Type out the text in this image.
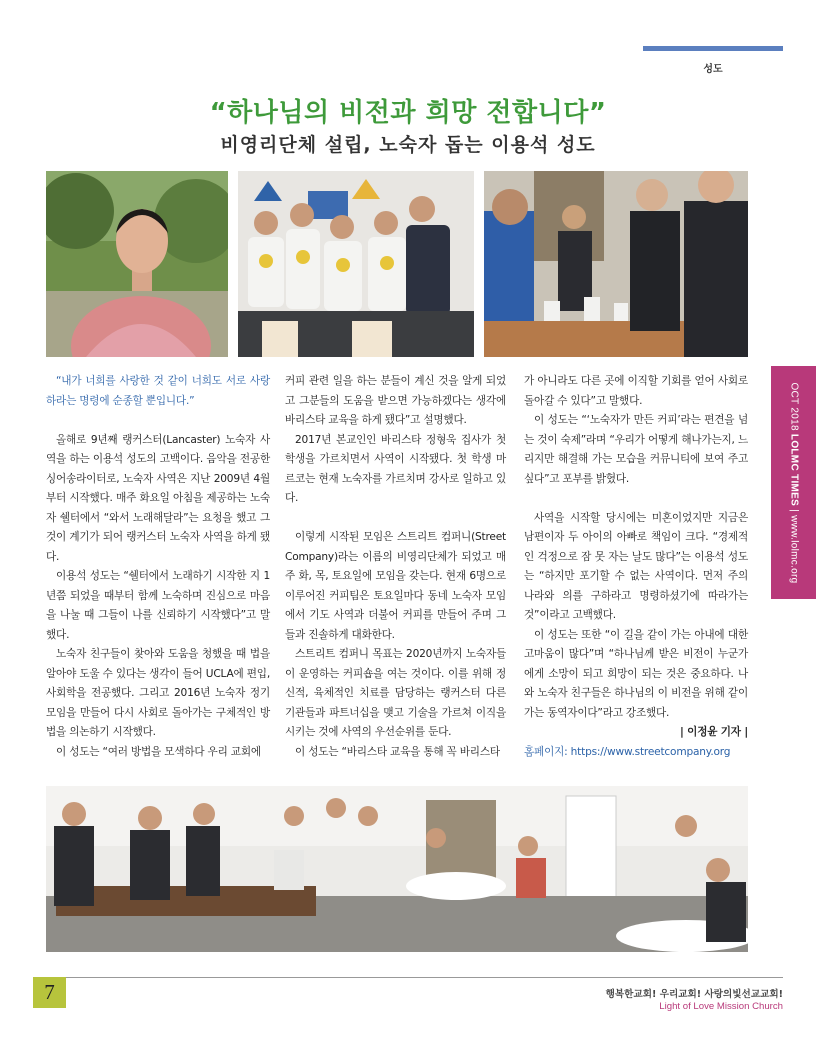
성도
“하나님의 비전과 희망 전합니다”
비영리단체 설립, 노숙자 돕는 이용석 성도

“내가 너희를 사랑한 것 같이 너희도 서로 사랑하라는 명령에 순종할 뿐입니다.”

올해로 9년째 랭커스터(Lancaster) 노숙자 사역을 하는 이용석 성도의 고백이다. 음악을 전공한 싱어송라이터로, 노숙자 사역은 지난 2009년 4월부터 시작했다. 매주 화요일 아침을 제공하는 노숙자 쉘터에서 “와서 노래해달라”는 요청을 했고 그것이 계기가 되어 랭커스터 노숙자 사역을 하게 됐다.

이용석 성도는 “쉘터에서 노래하기 시작한 지 1년쯤 되었을 때부터 함께 노숙하며 진심으로 마음을 나눌 때 그들이 나를 신뢰하기 시작했다”고 말했다.

노숙자 친구들이 찾아와 도움을 청했을 때 법을 알아야 도울 수 있다는 생각이 들어 UCLA에 편입, 사회학을 전공했다. 그리고 2016년 노숙자 정기모임을 만들어 다시 사회로 돌아가는 구체적인 방법을 의논하기 시작했다.

이 성도는 “여러 방법을 모색하다 우리 교회에

커피 관련 일을 하는 분들이 계신 것을 알게 되었고 그분들의 도움을 받으면 가능하겠다는 생각에 바리스타 교육을 하게 됐다”고 설명했다.

2017년 본교인인 바리스타 정형욱 집사가 첫 학생을 가르치면서 사역이 시작됐다. 첫 학생 마르코는 현재 노숙자를 가르치며 강사로 일하고 있다.

이렇게 시작된 모임은 스트리트 컴퍼니(Street Company)라는 이름의 비영리단체가 되었고 매주 화, 목, 토요일에 모임을 갖는다. 현재 6명으로 이루어진 커피팀은 토요일마다 동네 노숙자 모임에서 기도 사역과 더불어 커피를 만들어 주며 그들과 진솔하게 대화한다.

스트리트 컴퍼니 목표는 2020년까지 노숙자들이 운영하는 커피숍을 여는 것이다. 이를 위해 정신적, 육체적인 치료를 담당하는 랭커스터 다른 기관들과 파트너십을 맺고 기술을 가르쳐 이직을 시키는 것에 사역의 우선순위를 둔다.

이 성도는 “바리스타 교육을 통해 꼭 바리스타

가 아니라도 다른 곳에 이직할 기회를 얻어 사회로 돌아갈 수 있다”고 말했다.

이 성도는 “‘노숙자가 만든 커피’라는 편견을 넘는 것이 숙제”라며 “우리가 어떻게 해나가는지, 느리지만 해결해 가는 모습을 커뮤니티에 보여 주고 싶다”고 포부를 밝혔다.

사역을 시작할 당시에는 미혼이었지만 지금은 남편이자 두 아이의 아빠로 책임이 크다. “경제적인 걱정으로 잠 못 자는 날도 많다”는 이용석 성도는 “하지만 포기할 수 없는 사역이다. 먼저 주의 나라와 의를 구하라고 명령하셨기에 따라가는 것”이라고 고백했다.

이 성도는 또한 “이 길을 같이 가는 아내에 대한 고마움이 많다”며 “하나님께 받은 비전이 누군가에게 소망이 되고 희망이 되는 것은 중요하다. 나와 노숙자 친구들은 하나님의 이 비전을 위해 같이 가는 동역자이다”라고 강조했다.

| 이정윤 기자 |

홈페이지: https://www.streetcompany.org

OCT 2018 LOLMC TIMES | www.lolmc.org
7	행복한교회! 우리교회! 사랑의빛선교교회!
Light of Love Mission Church
